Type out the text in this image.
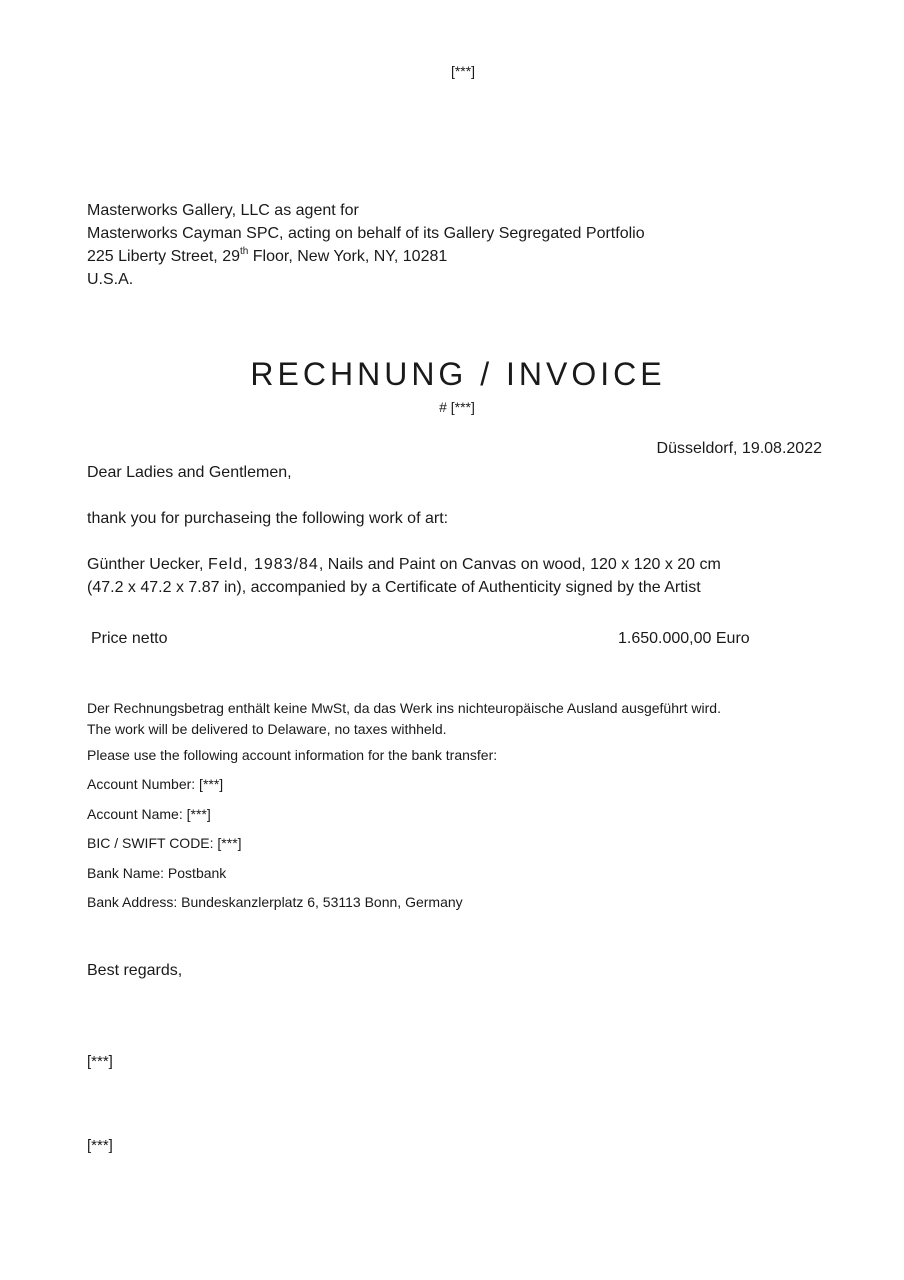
[***]
Masterworks Gallery, LLC as agent for
Masterworks Cayman SPC, acting on behalf of its Gallery Segregated Portfolio
225 Liberty Street, 29th Floor, New York, NY, 10281
U.S.A.
RECHNUNG / INVOICE
# [***]
Düsseldorf, 19.08.2022
Dear Ladies and Gentlemen,
thank you for purchaseing the following work of art:
Günther Uecker, Feld, 1983/84, Nails and Paint on Canvas on wood, 120 x 120 x 20 cm
(47.2 x 47.2 x 7.87 in), accompanied by a Certificate of Authenticity signed by the Artist
Price netto	1.650.000,00 Euro
Der Rechnungsbetrag enthält keine MwSt, da das Werk ins nichteuropäische Ausland ausgeführt wird.
The work will be delivered to Delaware, no taxes withheld.
Please use the following account information for the bank transfer:
Account Number: [***]
Account Name: [***]
BIC / SWIFT CODE: [***]
Bank Name: Postbank
Bank Address: Bundeskanzlerplatz 6, 53113 Bonn, Germany
Best regards,
[***]
[***]
